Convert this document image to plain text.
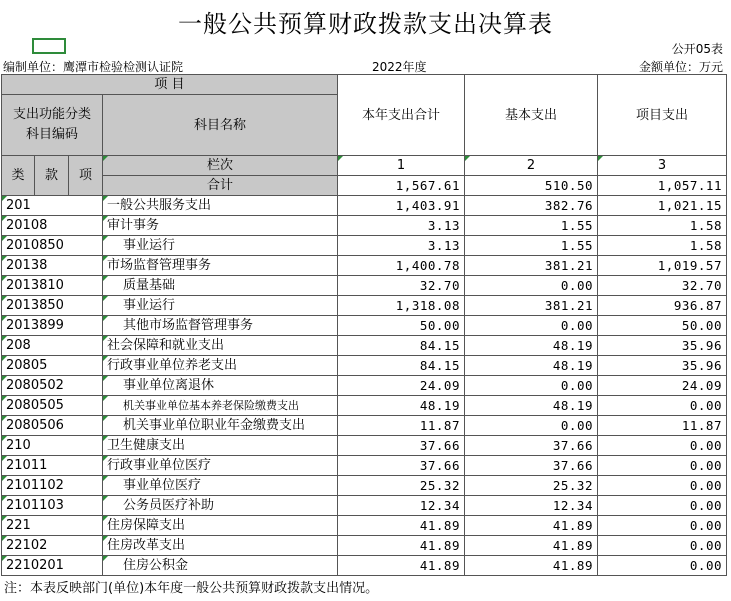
一般公共预算财政拨款支出决算表
公开05表
编制单位：鹰潭市检验检测认证院	2022年度	金额单位：万元
项 目				本年支出合计	基本支出	项目支出
支出功能分类
科目编码			科目名称			

类	款	项	栏次	1	2	3
			合计	1,567.61	510.50	1,057.11
201			一般公共服务支出	1,403.91	382.76	1,021.15
20108			审计事务	3.13	1.55	1.58
2010850			事业运行	3.13	1.55	1.58
20138			市场监督管理事务	1,400.78	381.21	1,019.57
2013810			质量基础	32.70	0.00	32.70
2013850			事业运行	1,318.08	381.21	936.87
2013899			其他市场监督管理事务	50.00	0.00	50.00
208			社会保障和就业支出	84.15	48.19	35.96
20805			行政事业单位养老支出	84.15	48.19	35.96
2080502			事业单位离退休	24.09	0.00	24.09
2080505			机关事业单位基本养老保险缴费支出	48.19	48.19	0.00
2080506			机关事业单位职业年金缴费支出	11.87	0.00	11.87
210			卫生健康支出	37.66	37.66	0.00
21011			行政事业单位医疗	37.66	37.66	0.00
2101102			事业单位医疗	25.32	25.32	0.00
2101103			公务员医疗补助	12.34	12.34	0.00
221			住房保障支出	41.89	41.89	0.00
22102			住房改革支出	41.89	41.89	0.00
2210201			住房公积金	41.89	41.89	0.00
注：本表反映部门(单位)本年度一般公共预算财政拨款支出情况。
